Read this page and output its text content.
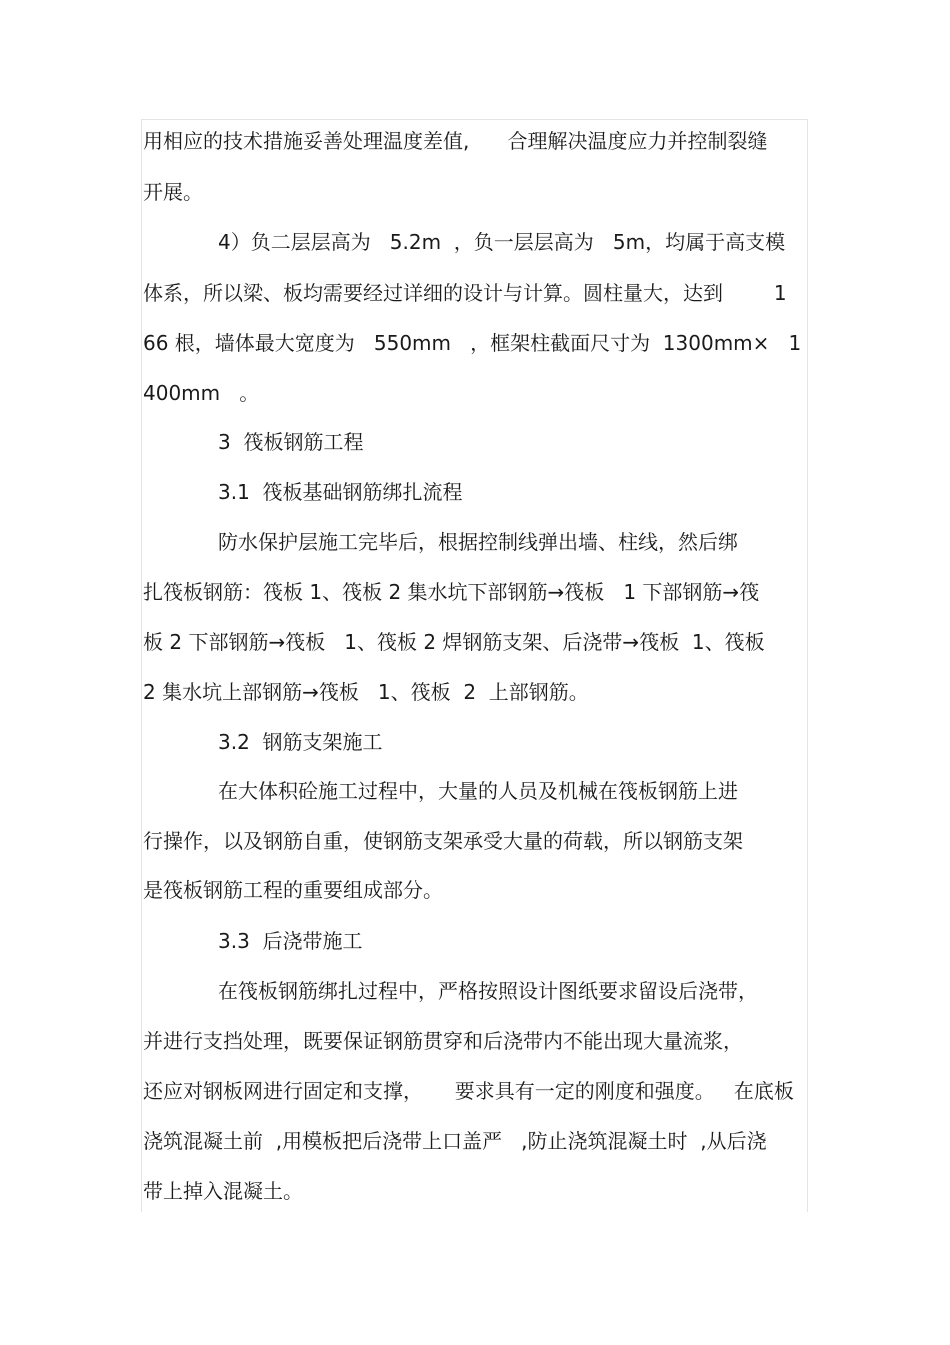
用相应的技术措施妥善处理温度差值,      合理解决温度应力并控制裂缝
开展。
4）负二层层高为   5.2m  ，负一层层高为   5m，均属于高支模
体系，所以梁、板均需要经过详细的设计与计算。圆柱量大，达到        1
66 根，墙体最大宽度为   550mm   ，框架柱截面尺寸为  1300mm×   1
400mm   。
3  筏板钢筋工程
3.1  筏板基础钢筋绑扎流程
防水保护层施工完毕后，根据控制线弹出墙、柱线，然后绑
扎筏板钢筋：筏板 1、筏板 2 集水坑下部钢筋→筏板   1 下部钢筋→筏
板 2 下部钢筋→筏板   1、筏板 2 焊钢筋支架、后浇带→筏板  1、筏板
2 集水坑上部钢筋→筏板   1、筏板  2  上部钢筋。
3.2  钢筋支架施工
在大体积砼施工过程中，大量的人员及机械在筏板钢筋上进
行操作，以及钢筋自重，使钢筋支架承受大量的荷载，所以钢筋支架
是筏板钢筋工程的重要组成部分。
3.3  后浇带施工
在筏板钢筋绑扎过程中，严格按照设计图纸要求留设后浇带，
并进行支挡处理，既要保证钢筋贯穿和后浇带内不能出现大量流浆，
还应对钢板网进行固定和支撑，     要求具有一定的刚度和强度。   在底板
浇筑混凝土前  ,用模板把后浇带上口盖严   ,防止浇筑混凝土时  ,从后浇
带上掉入混凝土。
